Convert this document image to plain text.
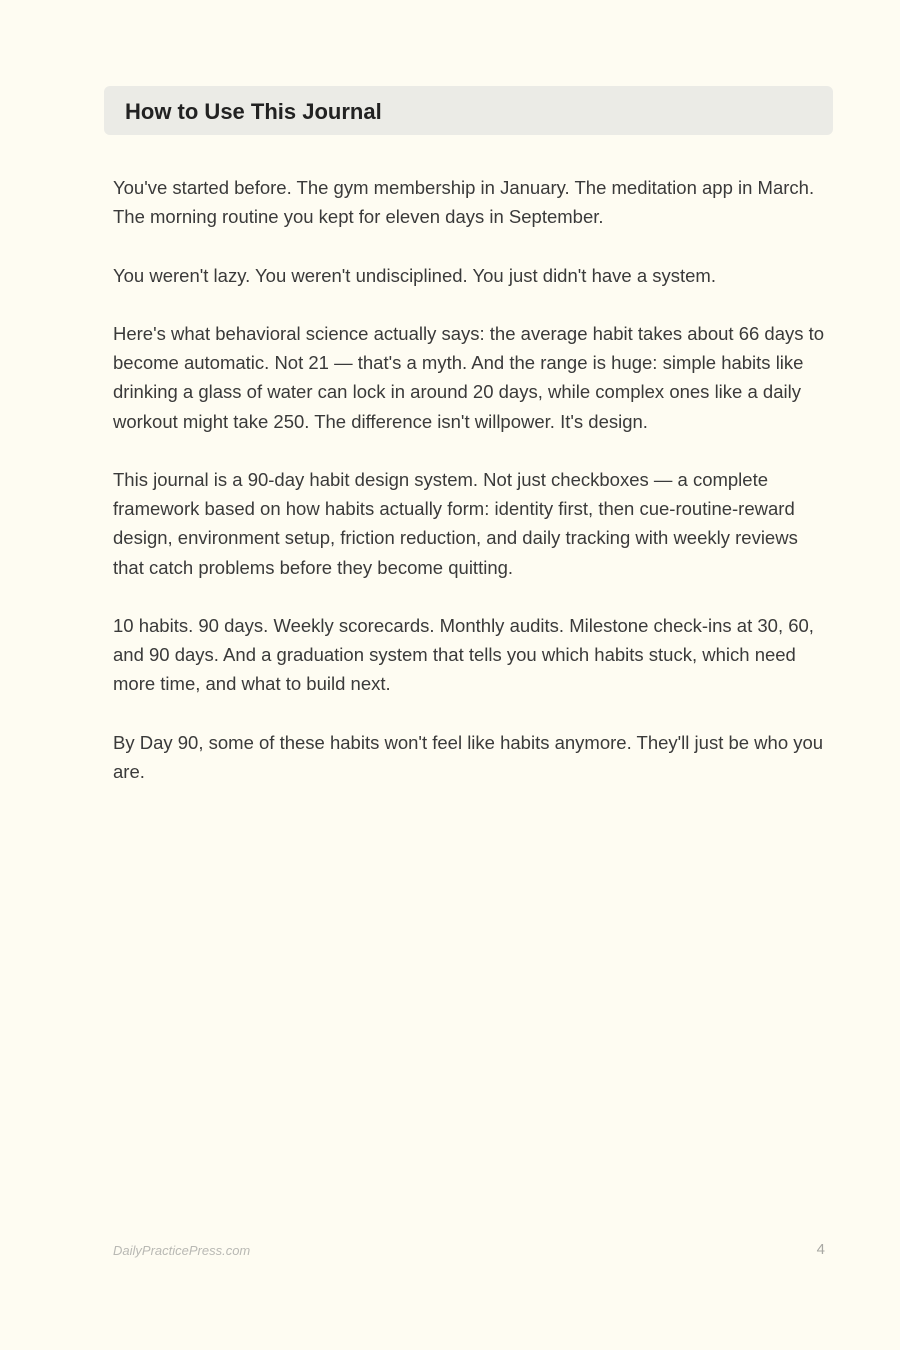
How to Use This Journal

You've started before. The gym membership in January. The meditation app in March. The morning routine you kept for eleven days in September.

You weren't lazy. You weren't undisciplined. You just didn't have a system.

Here's what behavioral science actually says: the average habit takes about 66 days to become automatic. Not 21 — that's a myth. And the range is huge: simple habits like drinking a glass of water can lock in around 20 days, while complex ones like a daily workout might take 250. The difference isn't willpower. It's design.

This journal is a 90-day habit design system. Not just checkboxes — a complete framework based on how habits actually form: identity first, then cue-routine-reward design, environment setup, friction reduction, and daily tracking with weekly reviews that catch problems before they become quitting.

10 habits. 90 days. Weekly scorecards. Monthly audits. Milestone check-ins at 30, 60, and 90 days. And a graduation system that tells you which habits stuck, which need more time, and what to build next.

By Day 90, some of these habits won't feel like habits anymore. They'll just be who you are.

DailyPracticePress.com	4
